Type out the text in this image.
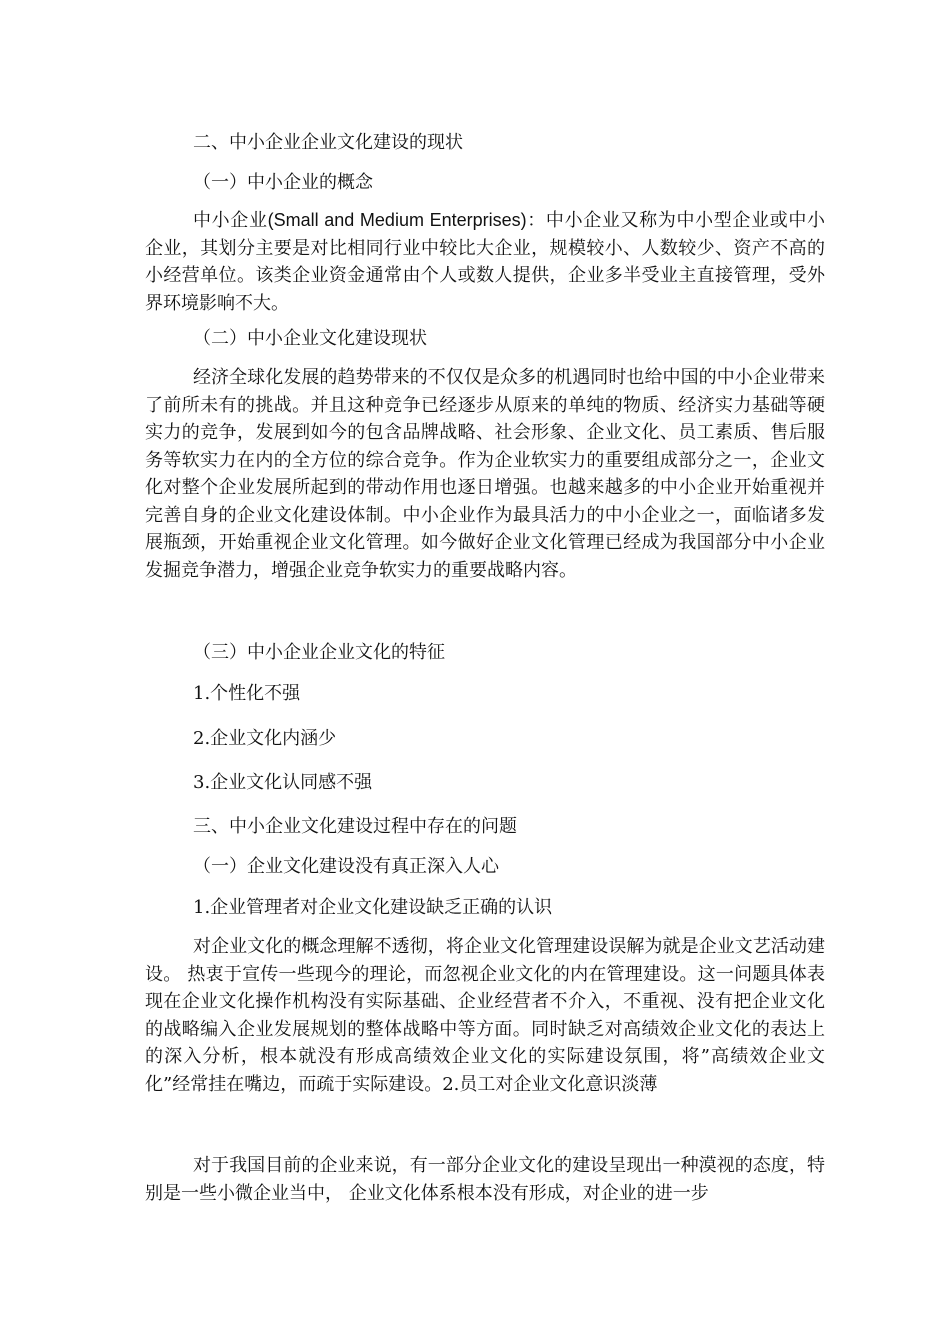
二、中小企业企业文化建设的现状
（一）中小企业的概念
中小企业(Small and Medium Enterprises)：中小企业又称为中小型企业或中小企业，其划分主要是对比相同行业中较比大企业，规模较小、人数较少、资产不高的小经营单位。该类企业资金通常由个人或数人提供，企业多半受业主直接管理，受外界环境影响不大。
（二）中小企业文化建设现状
经济全球化发展的趋势带来的不仅仅是众多的机遇同时也给中国的中小企业带来了前所未有的挑战。并且这种竞争已经逐步从原来的单纯的物质、经济实力基础等硬实力的竞争，发展到如今的包含品牌战略、社会形象、企业文化、员工素质、售后服务等软实力在内的全方位的综合竞争。作为企业软实力的重要组成部分之一，企业文化对整个企业发展所起到的带动作用也逐日增强。也越来越多的中小企业开始重视并完善自身的企业文化建设体制。中小企业作为最具活力的中小企业之一，面临诸多发展瓶颈，开始重视企业文化管理。如今做好企业文化管理已经成为我国部分中小企业发掘竞争潜力，增强企业竞争软实力的重要战略内容。
（三）中小企业企业文化的特征
1.个性化不强
2.企业文化内涵少
3.企业文化认同感不强
三、中小企业文化建设过程中存在的问题
（一）企业文化建设没有真正深入人心
1.企业管理者对企业文化建设缺乏正确的认识
对企业文化的概念理解不透彻，将企业文化管理建设误解为就是企业文艺活动建设。 热衷于宣传一些现今的理论，而忽视企业文化的内在管理建设。这一问题具体表现在企业文化操作机构没有实际基础、企业经营者不介入，不重视、没有把企业文化的战略编入企业发展规划的整体战略中等方面。同时缺乏对高绩效企业文化的表达上的深入分析，根本就没有形成高绩效企业文化的实际建设氛围，将”高绩效企业文化”经常挂在嘴边，而疏于实际建设。2.员工对企业文化意识淡薄
对于我国目前的企业来说，有一部分企业文化的建设呈现出一种漠视的态度，特别是一些小微企业当中， 企业文化体系根本没有形成，对企业的进一步
